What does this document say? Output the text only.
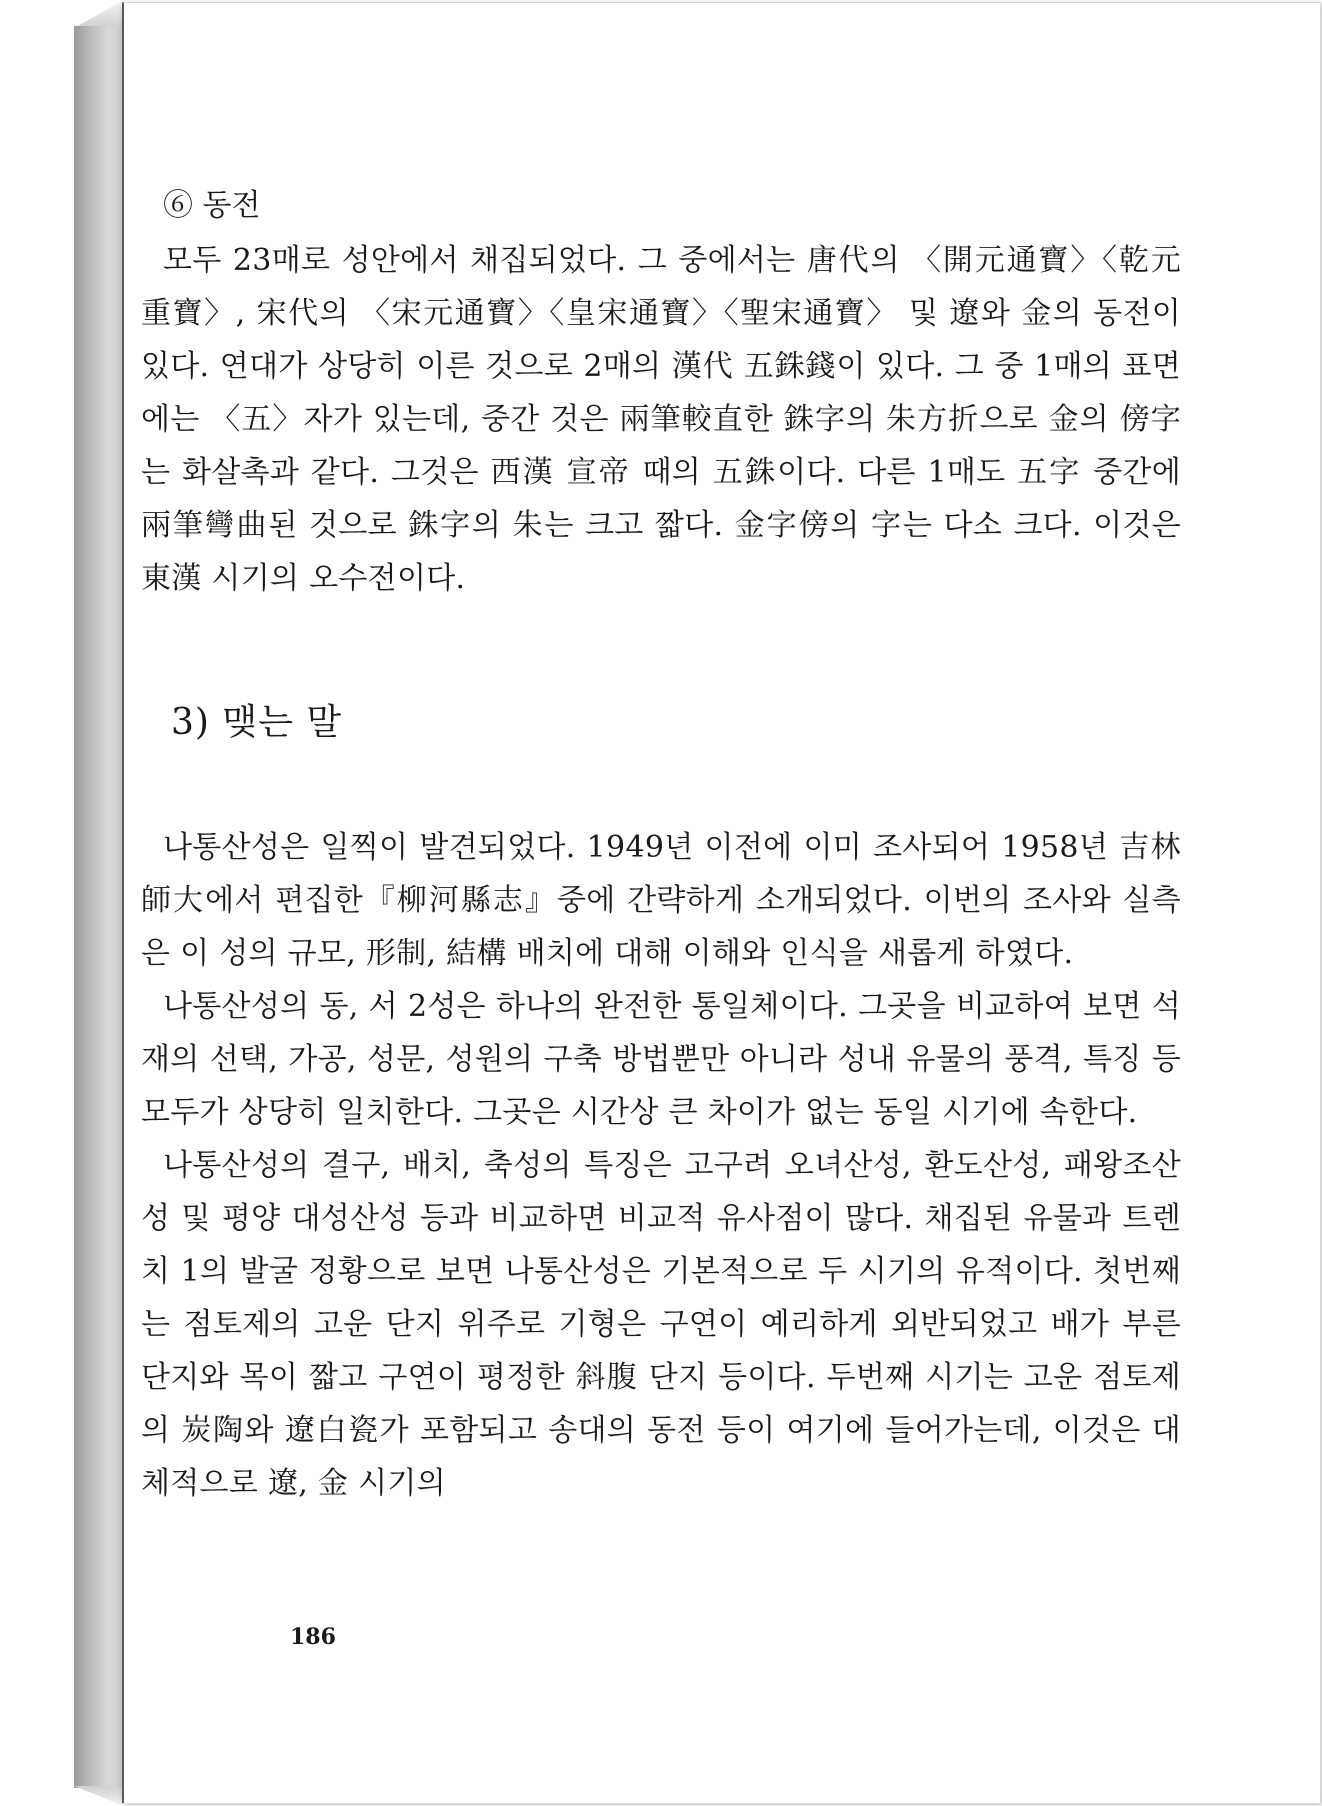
⑥ 동전

모두 23매로 성안에서 채집되었다. 그 중에서는 唐代의 〈開元通寶〉〈乾元重寶〉, 宋代의 〈宋元通寶〉〈皇宋通寶〉〈聖宋通寶〉 및 遼와 金의 동전이 있다. 연대가 상당히 이른 것으로 2매의 漢代 五銖錢이 있다. 그 중 1매의 표면에는 〈五〉자가 있는데, 중간 것은 兩筆較直한 銖字의 朱方折으로 金의 傍字는 화살촉과 같다. 그것은 西漢 宣帝 때의 五銖이다. 다른 1매도 五字 중간에 兩筆彎曲된 것으로 銖字의 朱는 크고 짧다. 金字傍의 字는 다소 크다. 이것은 東漢 시기의 오수전이다.

3) 맺는 말

나통산성은 일찍이 발견되었다. 1949년 이전에 이미 조사되어 1958년 吉林師大에서 편집한『柳河縣志』중에 간략하게 소개되었다. 이번의 조사와 실측은 이 성의 규모, 形制, 結構 배치에 대해 이해와 인식을 새롭게 하였다.

나통산성의 동, 서 2성은 하나의 완전한 통일체이다. 그곳을 비교하여 보면 석재의 선택, 가공, 성문, 성원의 구축 방법뿐만 아니라 성내 유물의 풍격, 특징 등 모두가 상당히 일치한다. 그곳은 시간상 큰 차이가 없는 동일 시기에 속한다.

나통산성의 결구, 배치, 축성의 특징은 고구려 오녀산성, 환도산성, 패왕조산성 및 평양 대성산성 등과 비교하면 비교적 유사점이 많다. 채집된 유물과 트렌치 1의 발굴 정황으로 보면 나통산성은 기본적으로 두 시기의 유적이다. 첫번째는 점토제의 고운 단지 위주로 기형은 구연이 예리하게 외반되었고 배가 부른 단지와 목이 짧고 구연이 평정한 斜腹 단지 등이다. 두번째 시기는 고운 점토제의 炭陶와 遼白瓷가 포함되고 송대의 동전 등이 여기에 들어가는데, 이것은 대체적으로 遼, 金 시기의

186
